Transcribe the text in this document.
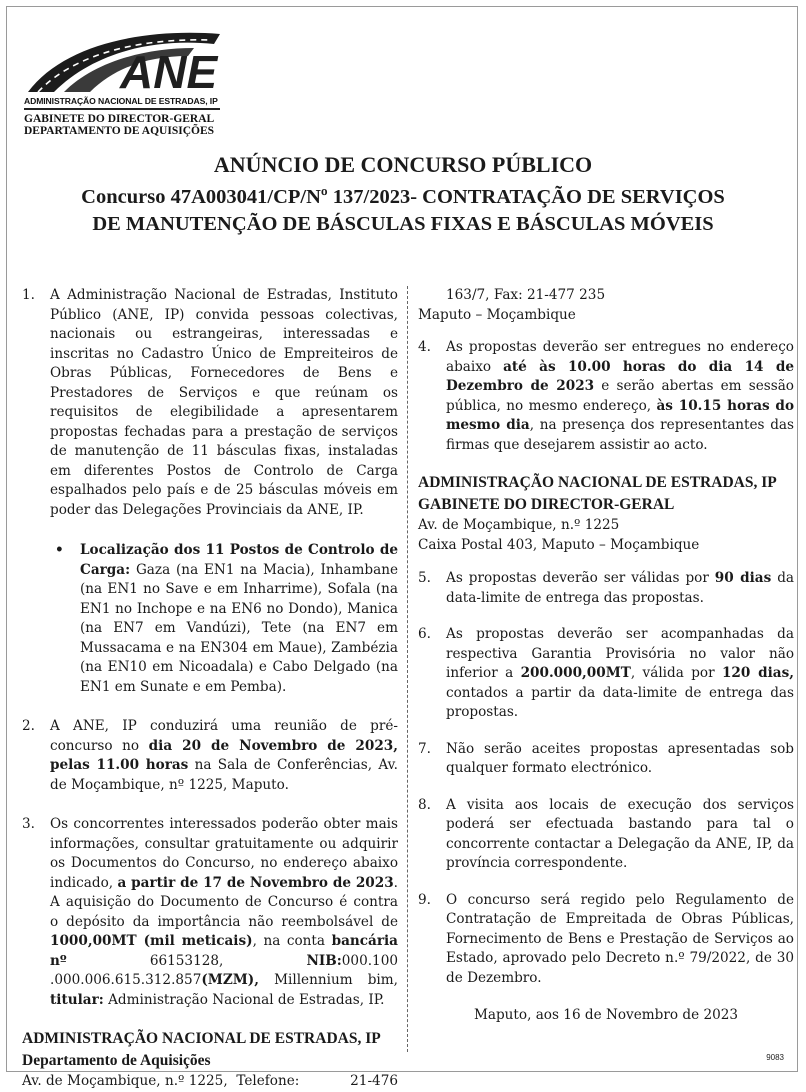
ANE
ADMINISTRAÇÃO NACIONAL DE ESTRADAS, IP
GABINETE DO DIRECTOR-GERAL
DEPARTAMENTO DE AQUISIÇÕES
ANÚNCIO DE CONCURSO PÚBLICO
Concurso 47A003041/CP/Nº 137/2023- CONTRATAÇÃO DE SERVIÇOS
DE MANUTENÇÃO DE BÁSCULAS FIXAS E BÁSCULAS MÓVEIS
1. A Administração Nacional de Estradas, Instituto Público (ANE, IP) convida pessoas colectivas, nacionais ou estrangeiras, interessadas e inscritas no Cadastro Único de Empreiteiros de Obras Públicas, Fornecedores de Bens e Prestadores de Serviços e que reúnam os requisitos de elegibilidade a apresentarem propostas fechadas para a prestação de serviços de manutenção de 11 básculas fixas, instaladas em diferentes Postos de Controlo de Carga espalhados pelo país e de 25 básculas móveis em poder das Delegações Provinciais da ANE, IP.
• Localização dos 11 Postos de Controlo de Carga: Gaza (na EN1 na Macia), Inhambane (na EN1 no Save e em Inharrime), Sofala (na EN1 no Inchope e na EN6 no Dondo), Manica (na EN7 em Vandúzi), Tete (na EN7 em Mussacama e na EN304 em Maue), Zambézia (na EN10 em Nicoadala) e Cabo Delgado (na EN1 em Sunate e em Pemba).
2. A ANE, IP conduzirá uma reunião de pré-concurso no dia 20 de Novembro de 2023, pelas 11.00 horas na Sala de Conferências, Av. de Moçambique, nº 1225, Maputo.
3. Os concorrentes interessados poderão obter mais informações, consultar gratuitamente ou adquirir os Documentos do Concurso, no endereço abaixo indicado, a partir de 17 de Novembro de 2023. A aquisição do Documento de Concurso é contra o depósito da importância não reembolsável de 1000,00MT (mil meticais), na conta bancária nº 66153128, NIB:000.100 .000.006.615.312.857(MZM), Millennium bim, titular: Administração Nacional de Estradas, IP.
ADMINISTRAÇÃO NACIONAL DE ESTRADAS, IP
Departamento de Aquisições
Av. de Moçambique, n.º 1225, Telefone:	21-476
163/7, Fax: 21-477 235
Maputo – Moçambique
4. As propostas deverão ser entregues no endereço abaixo até às 10.00 horas do dia 14 de Dezembro de 2023 e serão abertas em sessão pública, no mesmo endereço, às 10.15 horas do mesmo dia, na presença dos representantes das firmas que desejarem assistir ao acto.
ADMINISTRAÇÃO NACIONAL DE ESTRADAS, IP
GABINETE DO DIRECTOR-GERAL
Av. de Moçambique, n.º 1225
Caixa Postal 403, Maputo – Moçambique
5. As propostas deverão ser válidas por 90 dias da data-limite de entrega das propostas.
6. As propostas deverão ser acompanhadas da respectiva Garantia Provisória no valor não inferior a 200.000,00MT, válida por 120 dias, contados a partir da data-limite de entrega das propostas.
7. Não serão aceites propostas apresentadas sob qualquer formato electrónico.
8. A visita aos locais de execução dos serviços poderá ser efectuada bastando para tal o concorrente contactar a Delegação da ANE, IP, da província correspondente.
9. O concurso será regido pelo Regulamento de Contratação de Empreitada de Obras Públicas, Fornecimento de Bens e Prestação de Serviços ao Estado, aprovado pelo Decreto n.º 79/2022, de 30 de Dezembro.
Maputo, aos 16 de Novembro de 2023
9083
